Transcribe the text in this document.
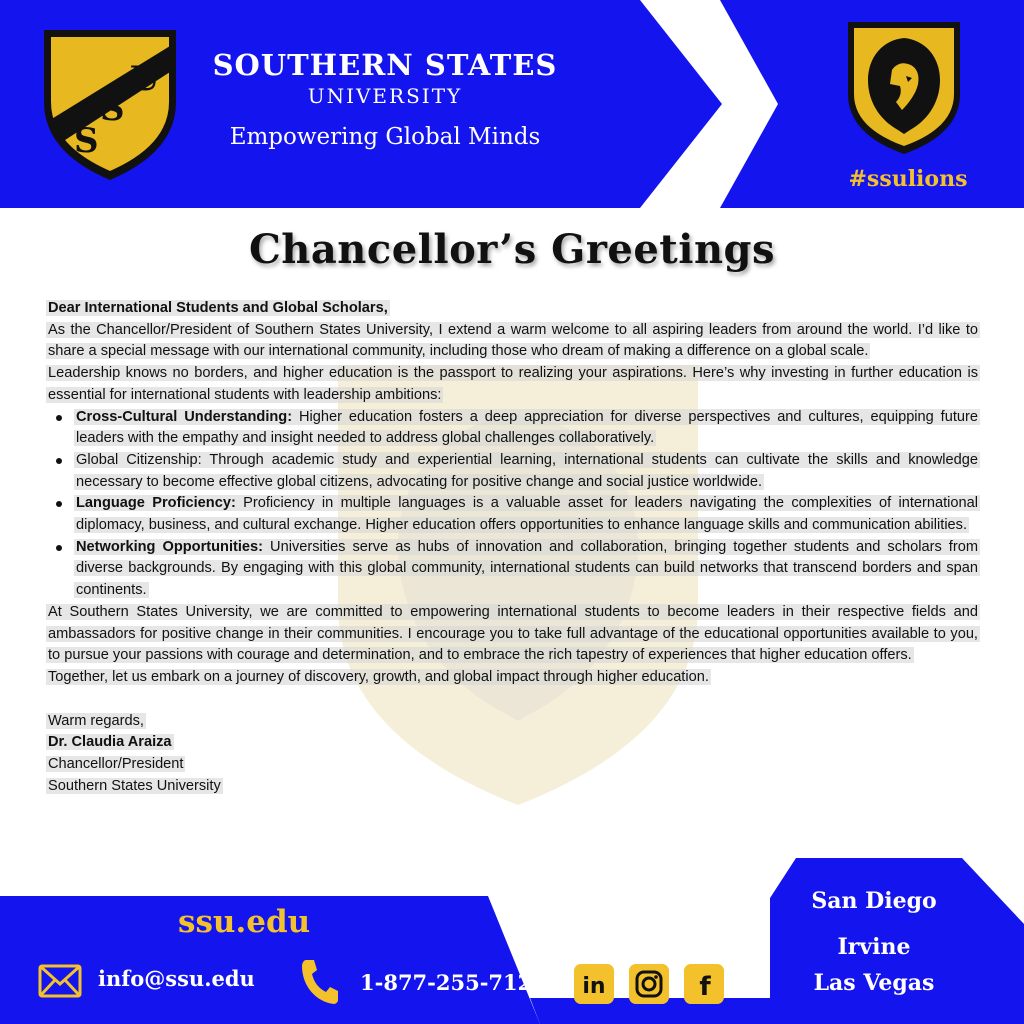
S
S
U	SOUTHERN STATES
UNIVERSITY
Empowering Global Minds
#ssulions
Chancellor’s Greetings

Dear International Students and Global Scholars,

As the Chancellor/President of Southern States University, I extend a warm welcome to all aspiring leaders from around the world. I’d like to share a special message with our international community, including those who dream of making a difference on a global scale.

Leadership knows no borders, and higher education is the passport to realizing your aspirations. Here’s why investing in further education is essential for international students with leadership ambitions:

Cross-Cultural Understanding: Higher education fosters a deep appreciation for diverse perspectives and cultures, equipping future leaders with the empathy and insight needed to address global challenges collaboratively.
Global Citizenship: Through academic study and experiential learning, international students can cultivate the skills and knowledge necessary to become effective global citizens, advocating for positive change and social justice worldwide.
Language Proficiency: Proficiency in multiple languages is a valuable asset for leaders navigating the complexities of international diplomacy, business, and cultural exchange. Higher education offers opportunities to enhance language skills and communication abilities.
Networking Opportunities: Universities serve as hubs of innovation and collaboration, bringing together students and scholars from diverse backgrounds. By engaging with this global community, international students can build networks that transcend borders and span continents.

At Southern States University, we are committed to empowering international students to become leaders in their respective fields and ambassadors for positive change in their communities. I encourage you to take full advantage of the educational opportunities available to you, to pursue your passions with courage and determination, and to embrace the rich tapestry of experiences that higher education offers.

Together, let us embark on a journey of discovery, growth, and global impact through higher education.

Warm regards,

Dr. Claudia Araiza

Chancellor/President

Southern States University

ssu.edu
info@ssu.edu	1-877-255-7124 in	f
San Diego
Irvine
Las Vegas
